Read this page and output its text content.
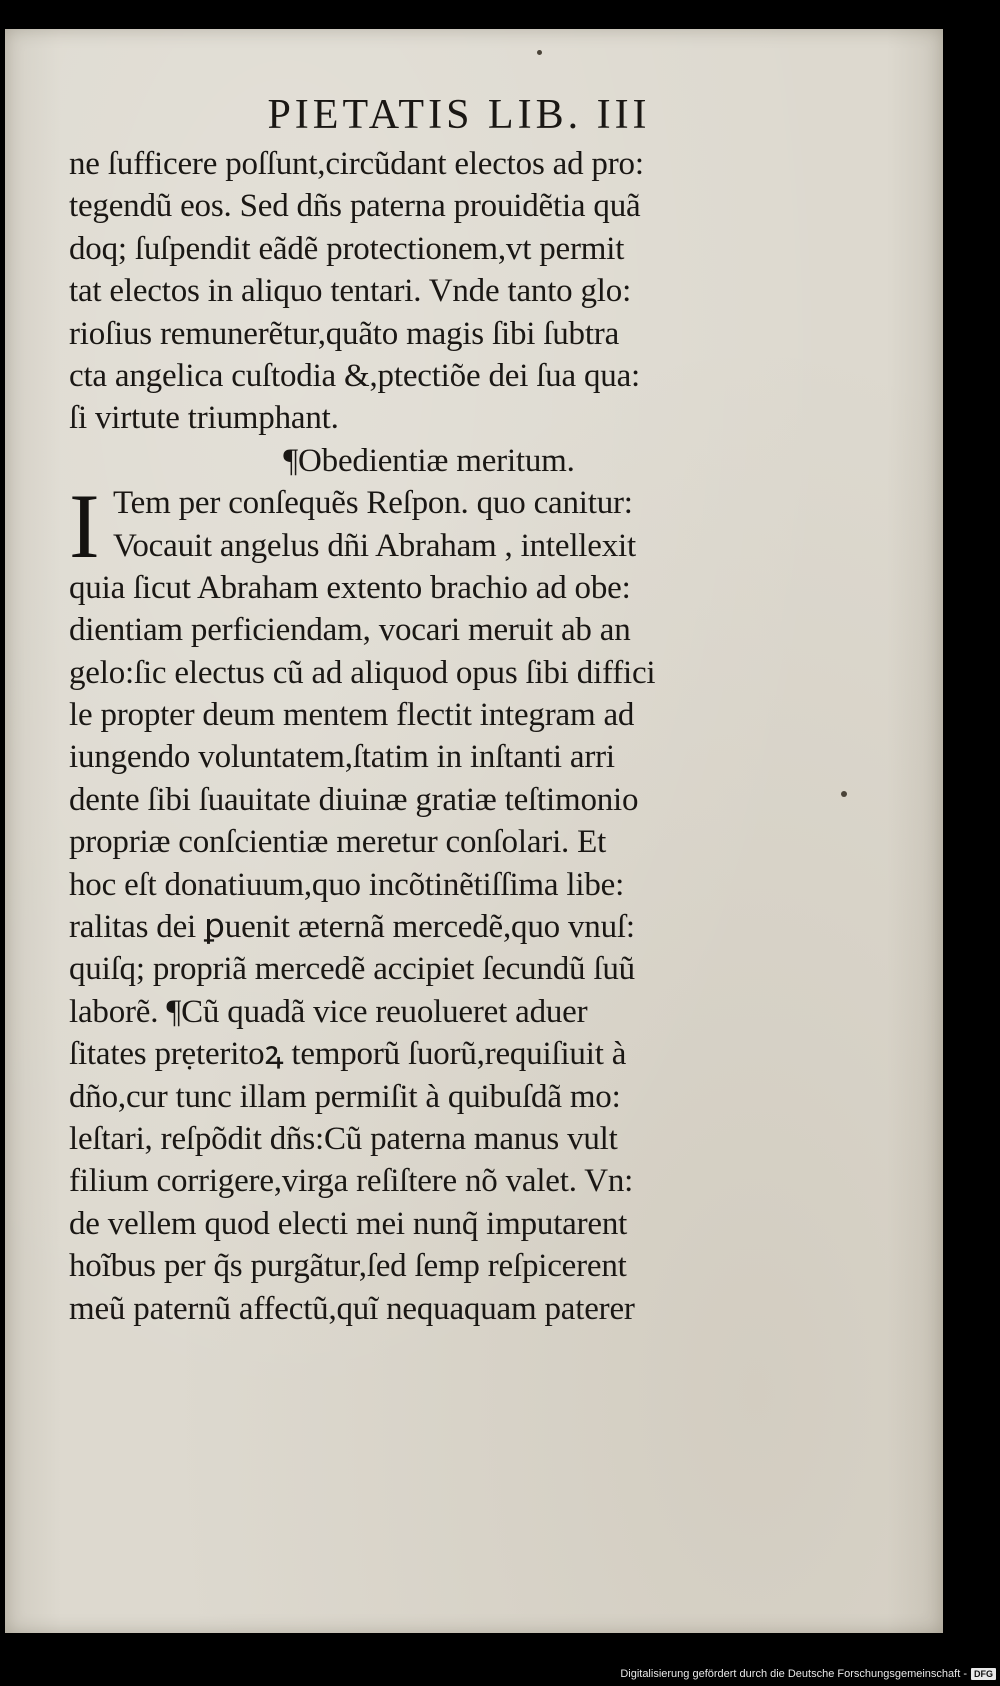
PIETATIS LIB. III
ne ſufficere poſſunt,circũdant electos ad pro:
tegendũ eos. Sed dñs paterna prouidẽtia quã
doq; ſuſpendit eãdẽ protectionem,vt permit
tat electos in aliquo tentari. Vnde tanto glo:
rioſius remunerẽtur,quãto magis ſibi ſubtra
cta angelica cuſtodia &,ptectiõe dei ſua qua:
ſi virtute triumphant.
¶Obedientiæ meritum.
I Tem per conſequẽs Reſpon. quo canitur:
Vocauit angelus dñi Abraham , intellexit
quia ſicut Abraham extento brachio ad obe:
dientiam perficiendam, vocari meruit ab an
gelo:ſic electus cũ ad aliquod opus ſibi diffici
le propter deum mentem flectit integram ad
iungendo voluntatem,ſtatim in inſtanti arri
dente ſibi ſuauitate diuinæ gratiæ teſtimonio
propriæ conſcientiæ meretur conſolari. Et
hoc eſt donatiuum,quo incõtinẽtiſſima libe:
ralitas dei ꝑuenit æternã mercedẽ,quo vnuſ:
quiſq; propriã mercedẽ accipiet ſecundũ ſuũ
laborẽ. ¶Cũ quadã vice reuolueret aduer
ſitates prẹteritoꝝ temporũ ſuorũ,requiſiuit à
dño,cur tunc illam permiſit à quibuſdã mo:
leſtari, reſpõdit dñs:Cũ paterna manus vult
filium corrigere,virga reſiſtere nõ valet. Vn:
de vellem quod electi mei nunq̃ imputarent
hoĩbus per q̃s purgãtur,ſed ſemp reſpicerent
meũ paternũ affectũ,quĩ nequaquam paterer
Digitalisierung gefördert durch die Deutsche Forschungsgemeinschaft - DFG
